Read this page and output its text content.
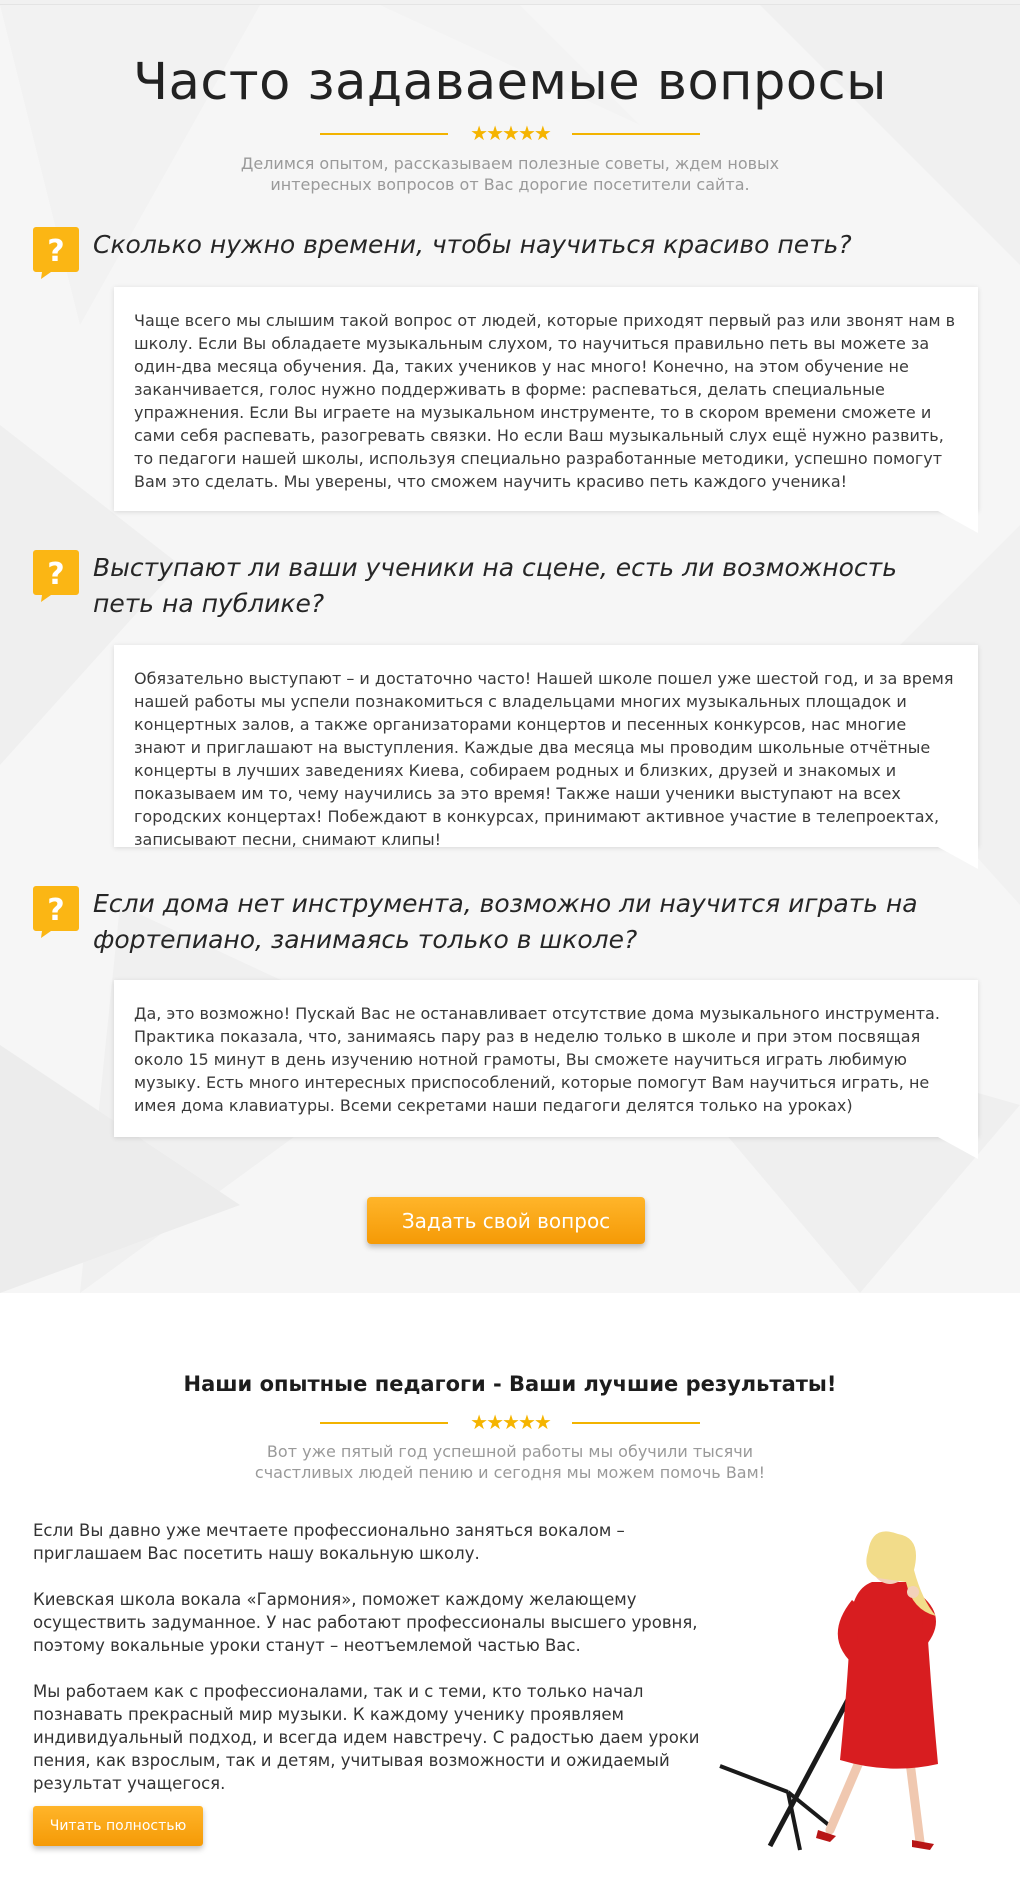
Часто задаваемые вопросы
★★★★★

Делимся опытом, рассказываем полезные советы, ждем новых интересных вопросов от Вас дорогие посетители сайта.

? Сколько нужно времени, чтобы научиться красиво петь?
Чаще всего мы слышим такой вопрос от людей, которые приходят первый раз или звонят нам в школу. Если Вы обладаете музыкальным слухом, то научиться правильно петь вы можете за один-два месяца обучения. Да, таких учеников у нас много! Конечно, на этом обучение не заканчивается, голос нужно поддерживать в форме: распеваться, делать специальные упражнения. Если Вы играете на музыкальном инструменте, то в скором времени сможете и сами себя распевать, разогревать связки. Но если Ваш музыкальный слух ещё нужно развить, то педагоги нашей школы, используя специально разработанные методики, успешно помогут Вам это сделать. Мы уверены, что сможем научить красиво петь каждого ученика!
? Выступают ли ваши ученики на сцене, есть ли возможность петь на публике?
Обязательно выступают – и достаточно часто! Нашей школе пошел уже шестой год, и за время нашей работы мы успели познакомиться с владельцами многих музыкальных площадок и концертных залов, а также организаторами концертов и песенных конкурсов, нас многие знают и приглашают на выступления. Каждые два месяца мы проводим школьные отчётные концерты в лучших заведениях Киева, собираем родных и близких, друзей и знакомых и показываем им то, чему научились за это время! Также наши ученики выступают на всех городских концертах! Побеждают в конкурсах, принимают активное участие в телепроектах, записывают песни, снимают клипы!
? Если дома нет инструмента, возможно ли научится играть на фортепиано, занимаясь только в школе?
Да, это возможно! Пускай Вас не останавливает отсутствие дома музыкального инструмента. Практика показала, что, занимаясь пару раз в неделю только в школе и при этом посвящая около 15 минут в день изучению нотной грамоты, Вы сможете научиться играть любимую музыку. Есть много интересных приспособлений, которые помогут Вам научиться играть, не имея дома клавиатуры. Всеми секретами наши педагоги делятся только на уроках)
Задать свой вопрос
Наши опытные педагоги - Ваши лучшие результаты!
★★★★★

Вот уже пятый год успешной работы мы обучили тысячи счастливых людей пению и сегодня мы можем помочь Вам!

Если Вы давно уже мечтаете профессионально заняться вокалом – приглашаем Вас посетить нашу вокальную школу.

Киевская школа вокала «Гармония», поможет каждому желающему осуществить задуманное. У нас работают профессионалы высшего уровня, поэтому вокальные уроки станут – неотъемлемой частью Вас.

Мы работаем как с профессионалами, так и с теми, кто только начал познавать прекрасный мир музыки. К каждому ученику проявляем индивидуальный подход, и всегда идем навстречу. С радостью даем уроки пения, как взрослым, так и детям, учитывая возможности и ожидаемый результат учащегося.

Читать полностью
